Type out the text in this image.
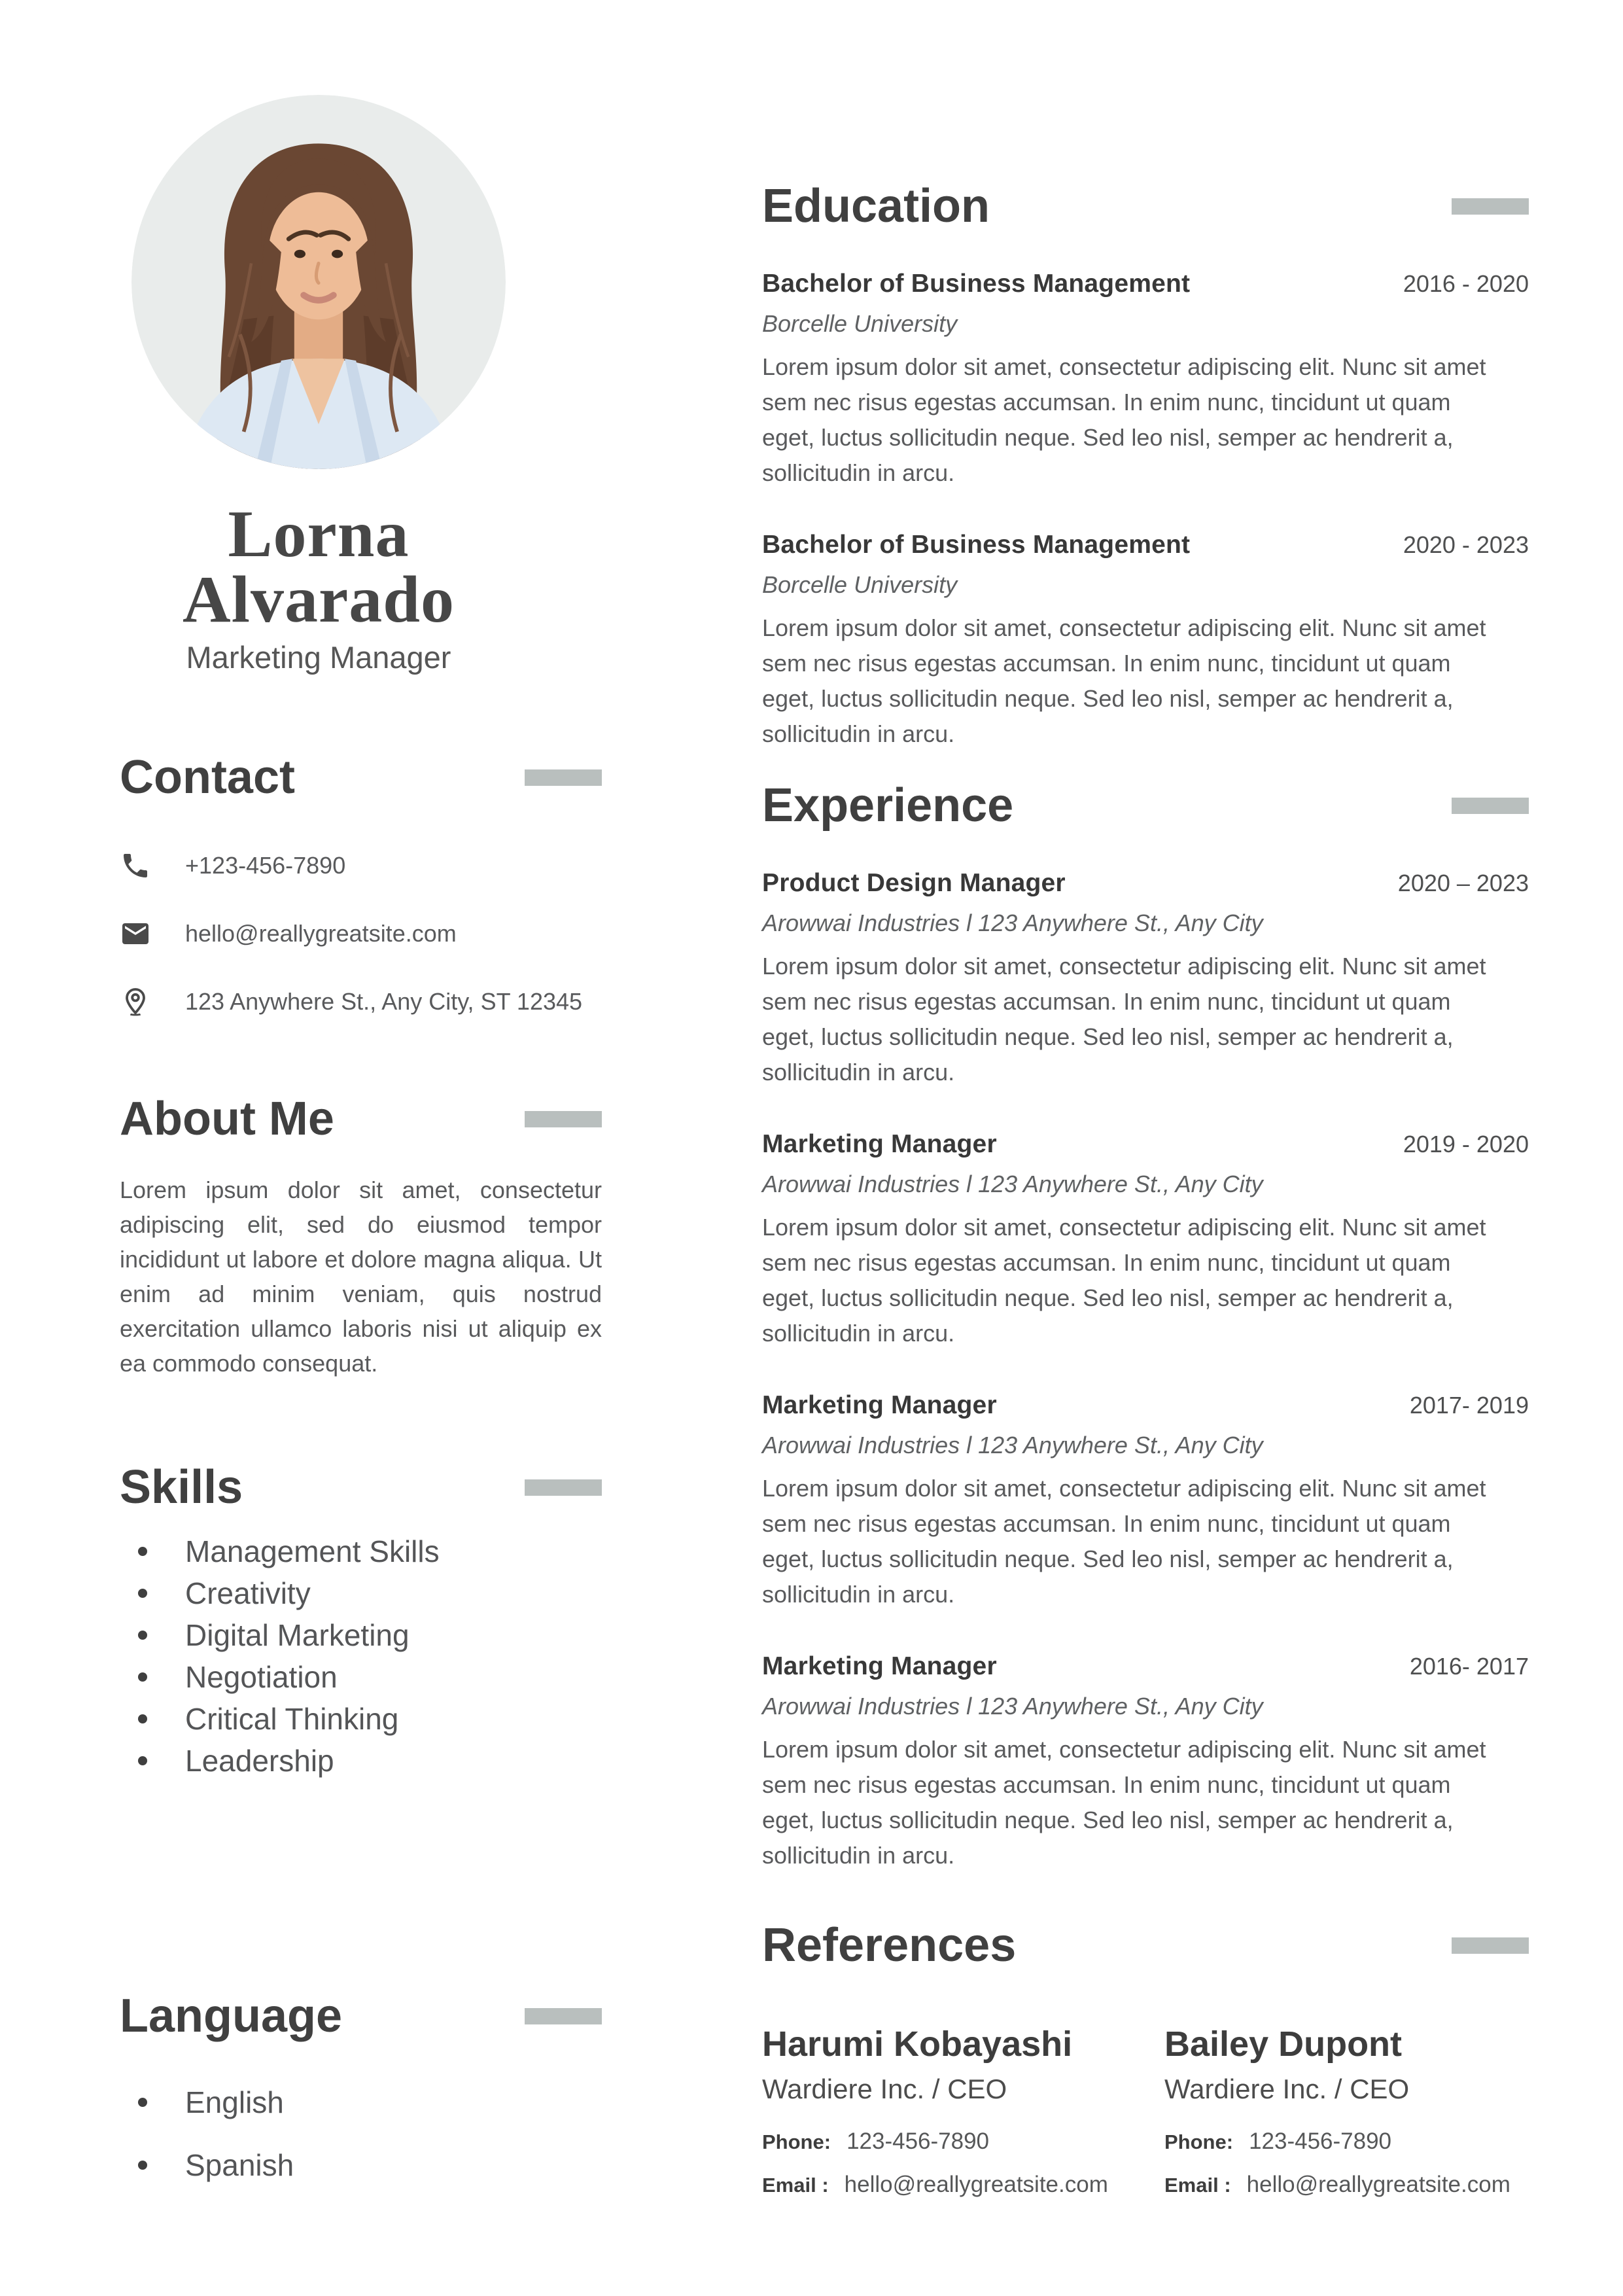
Lorna
Alvarado
Marketing Manager
Contact
+123-456-7890
hello@reallygreatsite.com
123 Anywhere St., Any City, ST 12345
About Me

Lorem ipsum dolor sit amet, consectetur adipiscing elit, sed do eiusmod tempor incididunt ut labore et dolore magna aliqua. Ut enim ad minim veniam, quis nostrud exercitation ullamco laboris nisi ut aliquip ex ea commodo consequat.

Skills
Management Skills
Creativity
Digital Marketing
Negotiation
Critical Thinking
Leadership
Language
English
Spanish
Education
Bachelor of Business Management	2016 - 2020
Borcelle University

Lorem ipsum dolor sit amet, consectetur adipiscing elit. Nunc sit amet sem nec risus egestas accumsan. In enim nunc, tincidunt ut quam eget, luctus sollicitudin neque. Sed leo nisl, semper ac hendrerit a, sollicitudin in arcu.

Bachelor of Business Management	2020 - 2023
Borcelle University

Lorem ipsum dolor sit amet, consectetur adipiscing elit. Nunc sit amet sem nec risus egestas accumsan. In enim nunc, tincidunt ut quam eget, luctus sollicitudin neque. Sed leo nisl, semper ac hendrerit a, sollicitudin in arcu.

Experience
Product Design Manager	2020 – 2023
Arowwai Industries l 123 Anywhere St., Any City

Lorem ipsum dolor sit amet, consectetur adipiscing elit. Nunc sit amet sem nec risus egestas accumsan. In enim nunc, tincidunt ut quam eget, luctus sollicitudin neque. Sed leo nisl, semper ac hendrerit a, sollicitudin in arcu.

Marketing Manager	2019 - 2020
Arowwai Industries l 123 Anywhere St., Any City

Lorem ipsum dolor sit amet, consectetur adipiscing elit. Nunc sit amet sem nec risus egestas accumsan. In enim nunc, tincidunt ut quam eget, luctus sollicitudin neque. Sed leo nisl, semper ac hendrerit a, sollicitudin in arcu.

Marketing Manager	2017- 2019
Arowwai Industries l 123 Anywhere St., Any City

Lorem ipsum dolor sit amet, consectetur adipiscing elit. Nunc sit amet sem nec risus egestas accumsan. In enim nunc, tincidunt ut quam eget, luctus sollicitudin neque. Sed leo nisl, semper ac hendrerit a, sollicitudin in arcu.

Marketing Manager	2016- 2017
Arowwai Industries l 123 Anywhere St., Any City

Lorem ipsum dolor sit amet, consectetur adipiscing elit. Nunc sit amet sem nec risus egestas accumsan. In enim nunc, tincidunt ut quam eget, luctus sollicitudin neque. Sed leo nisl, semper ac hendrerit a, sollicitudin in arcu.

References
Harumi Kobayashi
Wardiere Inc. / CEO
Phone: 123-456-7890
Email : hello@reallygreatsite.com
Bailey Dupont
Wardiere Inc. / CEO
Phone: 123-456-7890
Email : hello@reallygreatsite.com
